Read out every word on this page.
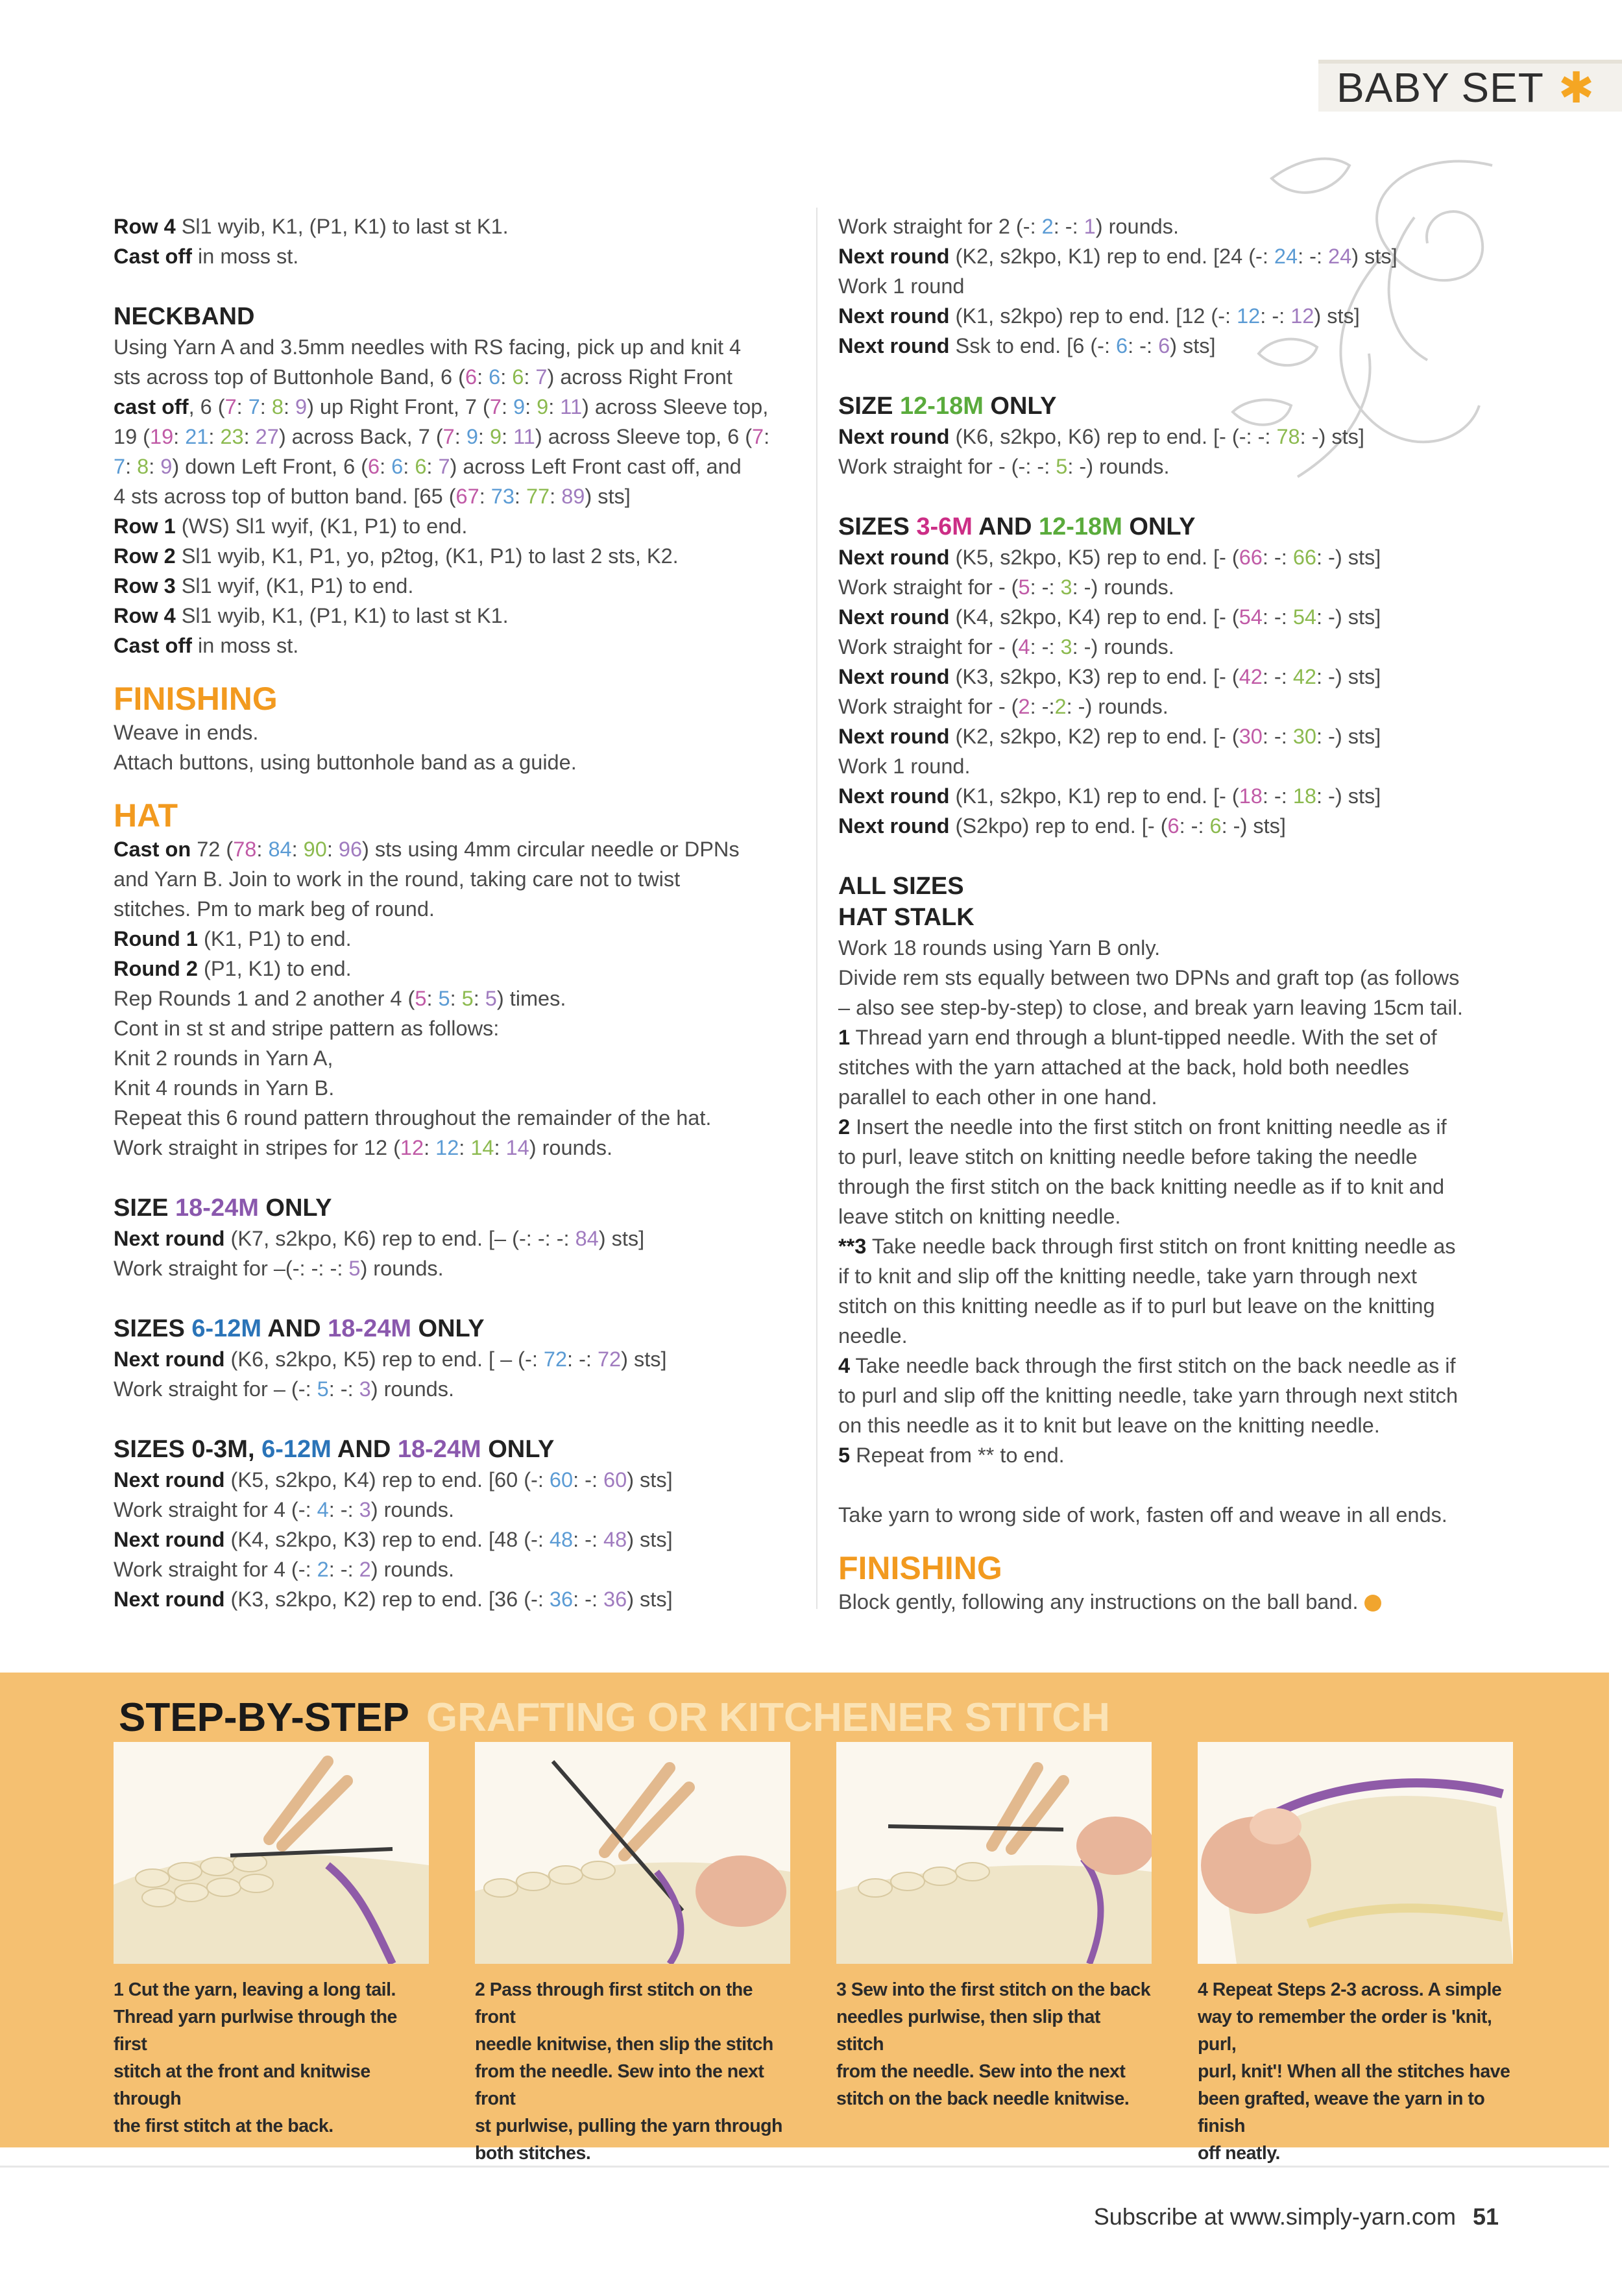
BABY SET ✱

Row 4 Sl1 wyib, K1, (P1, K1) to last st K1.

Cast off in moss st.

NECKBAND

Using Yarn A and 3.5mm needles with RS facing, pick up and knit 4

sts across top of Buttonhole Band, 6 (6: 6: 6: 7) across Right Front

cast off, 6 (7: 7: 8: 9) up Right Front, 7 (7: 9: 9: 11) across Sleeve top,

19 (19: 21: 23: 27) across Back, 7 (7: 9: 9: 11) across Sleeve top, 6 (7:

7: 8: 9) down Left Front, 6 (6: 6: 6: 7) across Left Front cast off, and

4 sts across top of button band. [65 (67: 73: 77: 89) sts]

Row 1 (WS) Sl1 wyif, (K1, P1) to end.

Row 2 Sl1 wyib, K1, P1, yo, p2tog, (K1, P1) to last 2 sts, K2.

Row 3 Sl1 wyif, (K1, P1) to end.

Row 4 Sl1 wyib, K1, (P1, K1) to last st K1.

Cast off in moss st.

FINISHING

Weave in ends.

Attach buttons, using buttonhole band as a guide.

HAT

Cast on 72 (78: 84: 90: 96) sts using 4mm circular needle or DPNs

and Yarn B. Join to work in the round, taking care not to twist

stitches. Pm to mark beg of round.

Round 1 (K1, P1) to end.

Round 2 (P1, K1) to end.

Rep Rounds 1 and 2 another 4 (5: 5: 5: 5) times.

Cont in st st and stripe pattern as follows:

Knit 2 rounds in Yarn A,

Knit 4 rounds in Yarn B.

Repeat this 6 round pattern throughout the remainder of the hat.

Work straight in stripes for 12 (12: 12: 14: 14) rounds.

SIZE 18-24M ONLY

Next round (K7, s2kpo, K6) rep to end. [– (-: -: -: 84) sts]

Work straight for –(-: -: -: 5) rounds.

SIZES 6-12M AND 18-24M ONLY

Next round (K6, s2kpo, K5) rep to end. [ – (-: 72: -: 72) sts]

Work straight for – (-: 5: -: 3) rounds.

SIZES 0-3M, 6-12M AND 18-24M ONLY

Next round (K5, s2kpo, K4) rep to end. [60 (-: 60: -: 60) sts]

Work straight for 4 (-: 4: -: 3) rounds.

Next round (K4, s2kpo, K3) rep to end. [48 (-: 48: -: 48) sts]

Work straight for 4 (-: 2: -: 2) rounds.

Next round (K3, s2kpo, K2) rep to end. [36 (-: 36: -: 36) sts]

Work straight for 2 (-: 2: -: 1) rounds.

Next round (K2, s2kpo, K1) rep to end. [24 (-: 24: -: 24) sts]

Work 1 round

Next round (K1, s2kpo) rep to end. [12 (-: 12: -: 12) sts]

Next round Ssk to end. [6 (-: 6: -: 6) sts]

SIZE 12-18M ONLY

Next round (K6, s2kpo, K6) rep to end. [- (-: -: 78: -) sts]

Work straight for - (-: -: 5: -) rounds.

SIZES 3-6M AND 12-18M ONLY

Next round (K5, s2kpo, K5) rep to end. [- (66: -: 66: -) sts]

Work straight for - (5: -: 3: -) rounds.

Next round (K4, s2kpo, K4) rep to end. [- (54: -: 54: -) sts]

Work straight for - (4: -: 3: -) rounds.

Next round (K3, s2kpo, K3) rep to end. [- (42: -: 42: -) sts]

Work straight for - (2: -:2: -) rounds.

Next round (K2, s2kpo, K2) rep to end. [- (30: -: 30: -) sts]

Work 1 round.

Next round (K1, s2kpo, K1) rep to end. [- (18: -: 18: -) sts]

Next round (S2kpo) rep to end. [- (6: -: 6: -) sts]

ALL SIZES

HAT STALK

Work 18 rounds using Yarn B only.

Divide rem sts equally between two DPNs and graft top (as follows

– also see step-by-step) to close, and break yarn leaving 15cm tail.

1 Thread yarn end through a blunt-tipped needle. With the set of

stitches with the yarn attached at the back, hold both needles

parallel to each other in one hand.

2 Insert the needle into the first stitch on front knitting needle as if

to purl, leave stitch on knitting needle before taking the needle

through the first stitch on the back knitting needle as if to knit and

leave stitch on knitting needle.

**3 Take needle back through first stitch on front knitting needle as

if to knit and slip off the knitting needle, take yarn through next

stitch on this knitting needle as if to purl but leave on the knitting

needle.

4 Take needle back through the first stitch on the back needle as if

to purl and slip off the knitting needle, take yarn through next stitch

on this needle as it to knit but leave on the knitting needle.

5 Repeat from ** to end.

Take yarn to wrong side of work, fasten off and weave in all ends.

FINISHING

Block gently, following any instructions on the ball band.

STEP-BY-STEP GRAFTING OR KITCHENER STITCH
1 Cut the yarn, leaving a long tail.
Thread yarn purlwise through the first
stitch at the front and knitwise through
the first stitch at the back.
2 Pass through first stitch on the front
needle knitwise, then slip the stitch
from the needle. Sew into the next front
st purlwise, pulling the yarn through
both stitches.
3 Sew into the first stitch on the back
needles purlwise, then slip that stitch
from the needle. Sew into the next
stitch on the back needle knitwise.
4 Repeat Steps 2-3 across. A simple
way to remember the order is 'knit, purl,
purl, knit'! When all the stitches have
been grafted, weave the yarn in to finish
off neatly.
Subscribe at www.simply-yarn.com 51
